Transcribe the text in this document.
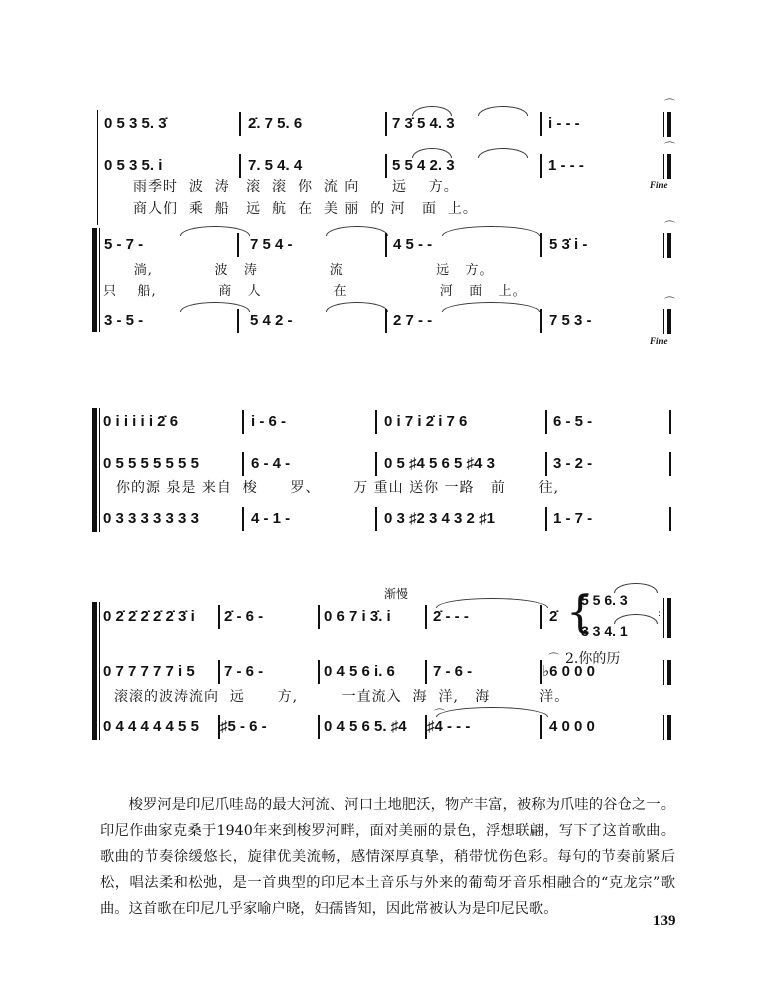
0 5 3 5. 3̇	2̇. 7 5. 6	7 3̇ 5 4. 3	i - - -
⌒
0 5 3 5. i	7. 5 4. 4	5 5 4 2. 3	1 - - -
⌒
Fine
雨季时  波  涛   滚  滚  你  流 向      远    方。
商人们  乘  船   远  航  在  美 丽  的 河   面  上。
5 - 7 -	7 5 4 -	4 5 - -	5 3̇ i -
⌒
淌,            波   涛              流                  远   方。
只    船,            商   人              在                  河   面   上。
3 - 5 -	5 4 2 -	2 7 - -	7 5 3 -
⌒
Fine
0 i i i i i 2̇ 6	i - 6 -	0 i 7 i 2̇ i 7 6	6 - 5 -
0 5 5 5 5 5 5 5	6 - 4 -	0 5 ♯4 5 6 5 ♯4 3	3 - 2 -
你的源 泉是 来自  梭      罗、      万 重山 送你 一路   前      往,
0 3 3 3 3 3 3 3	4 - 1 -	0 3 ♯2 3 4 3 2 ♯1	1 - 7 -
渐慢
0 2̇ 2̇ 2̇ 2̇ 2̇ 3̇ i 2̇ - 6 -	0 6 7 i 3̇. i	2̇ - - -	2̇ {
5 5 6. 3
3 3 4. 1
:
2.你的历
0 7 7 7 7 7 i 5 7 - 6 -	0 4 5 6 i. 6	7 - 6 -
⌒
♭6 0 0 0
滚滚的波涛流向  远      方,        一直流入  海  洋,   海         洋。
0 4 4 4 4 4 5 5 ♯5 - 6 -	0 4 5 6 5. ♯4
⌒
♯4 - - -	4 0 0 0

梭罗河是印尼爪哇岛的最大河流、河口土地肥沃，物产丰富，被称为爪哇的谷仓之一。印尼作曲家克桑于1940年来到梭罗河畔，面对美丽的景色，浮想联翩，写下了这首歌曲。歌曲的节奏徐缓悠长，旋律优美流畅，感情深厚真挚，稍带忧伤色彩。每句的节奏前紧后松，唱法柔和松弛，是一首典型的印尼本土音乐与外来的葡萄牙音乐相融合的“克龙宗”歌曲。这首歌在印尼几乎家喻户晓，妇孺皆知，因此常被认为是印尼民歌。

139
